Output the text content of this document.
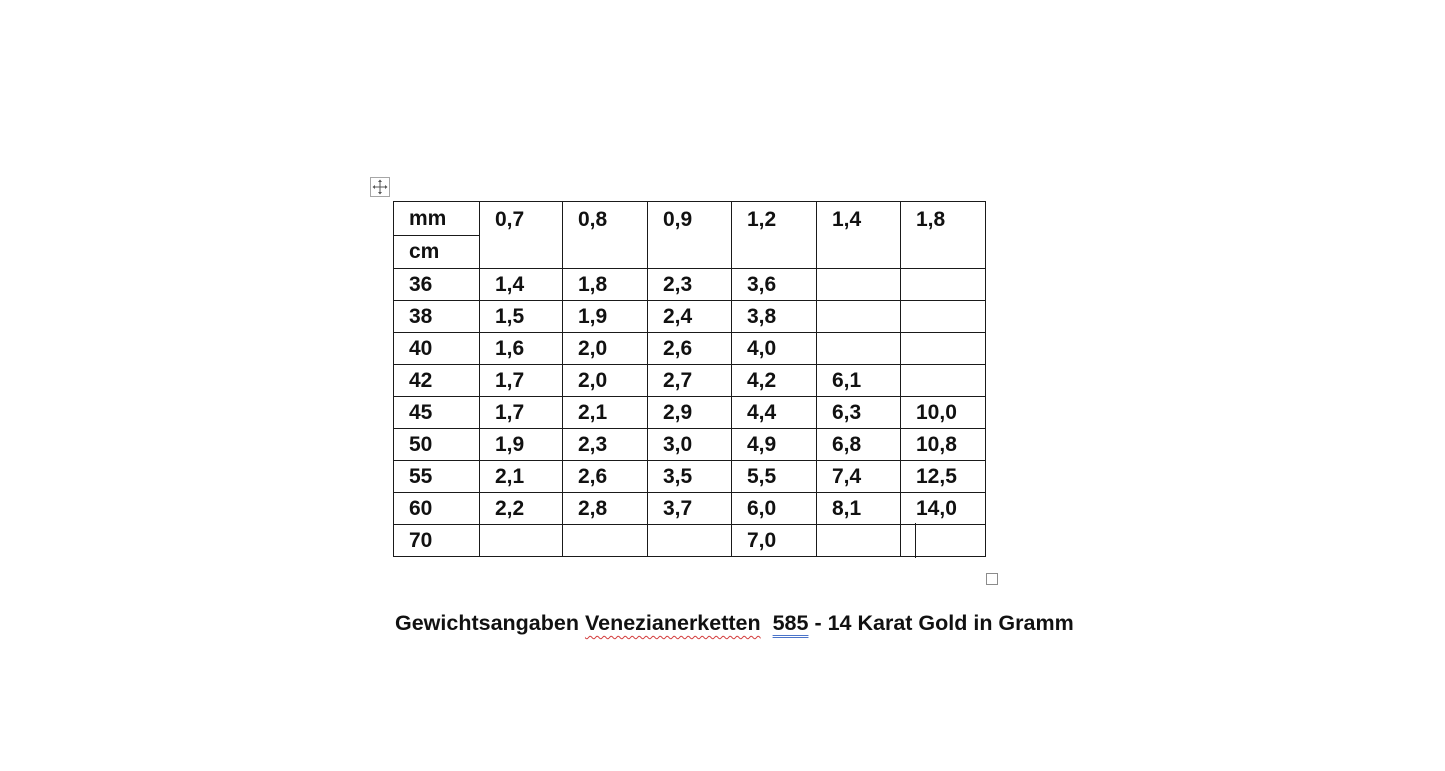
mm	0,7	0,8	0,9	1,2	1,4	1,8
cm						
36	1,4	1,8	2,3	3,6		
38	1,5	1,9	2,4	3,8		
40	1,6	2,0	2,6	4,0		
42	1,7	2,0	2,7	4,2	6,1	
45	1,7	2,1	2,9	4,4	6,3	10,0
50	1,9	2,3	3,0	4,9	6,8	10,8
55	2,1	2,6	3,5	5,5	7,4	12,5
60	2,2	2,8	3,7	6,0	8,1	14,0
70				7,0		
Gewichtsangaben Venezianerketten 585 - 14 Karat Gold in Gramm
